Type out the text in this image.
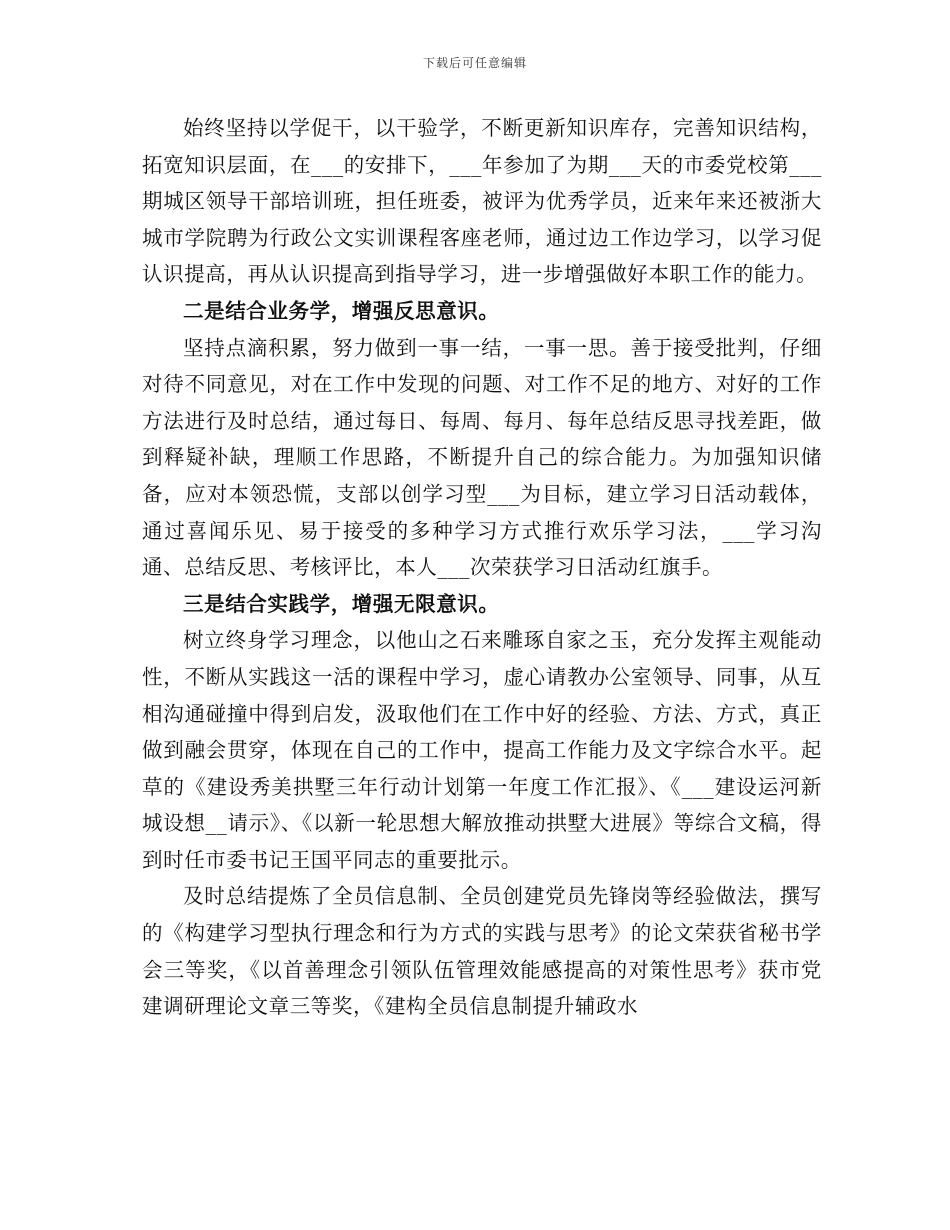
下载后可任意编辑

始终坚持以学促干，以干验学，不断更新知识库存，完善知识结构，拓宽知识层面，在___的安排下，___年参加了为期___天的市委党校第___期城区领导干部培训班，担任班委，被评为优秀学员，近来年来还被浙大城市学院聘为行政公文实训课程客座老师，通过边工作边学习，以学习促认识提高，再从认识提高到指导学习，进一步增强做好本职工作的能力。

二是结合业务学，增强反思意识。

坚持点滴积累，努力做到一事一结，一事一思。善于接受批判，仔细对待不同意见，对在工作中发现的问题、对工作不足的地方、对好的工作方法进行及时总结，通过每日、每周、每月、每年总结反思寻找差距，做到释疑补缺，理顺工作思路，不断提升自己的综合能力。为加强知识储备，应对本领恐慌，支部以创学习型___为目标，建立学习日活动载体，通过喜闻乐见、易于接受的多种学习方式推行欢乐学习法，___学习沟通、总结反思、考核评比，本人___次荣获学习日活动红旗手。

三是结合实践学，增强无限意识。

树立终身学习理念，以他山之石来雕琢自家之玉，充分发挥主观能动性，不断从实践这一活的课程中学习，虚心请教办公室领导、同事，从互相沟通碰撞中得到启发，汲取他们在工作中好的经验、方法、方式，真正做到融会贯穿，体现在自己的工作中，提高工作能力及文字综合水平。起草的《建设秀美拱墅三年行动计划第一年度工作汇报》、《___建设运河新城设想__请示》、《以新一轮思想大解放推动拱墅大进展》等综合文稿，得到时任市委书记王国平同志的重要批示。

及时总结提炼了全员信息制、全员创建党员先锋岗等经验做法，撰写的《构建学习型执行理念和行为方式的实践与思考》的论文荣获省秘书学会三等奖，《以首善理念引领队伍管理效能感提高的对策性思考》获市党建调研理论文章三等奖，《建构全员信息制提升辅政水
